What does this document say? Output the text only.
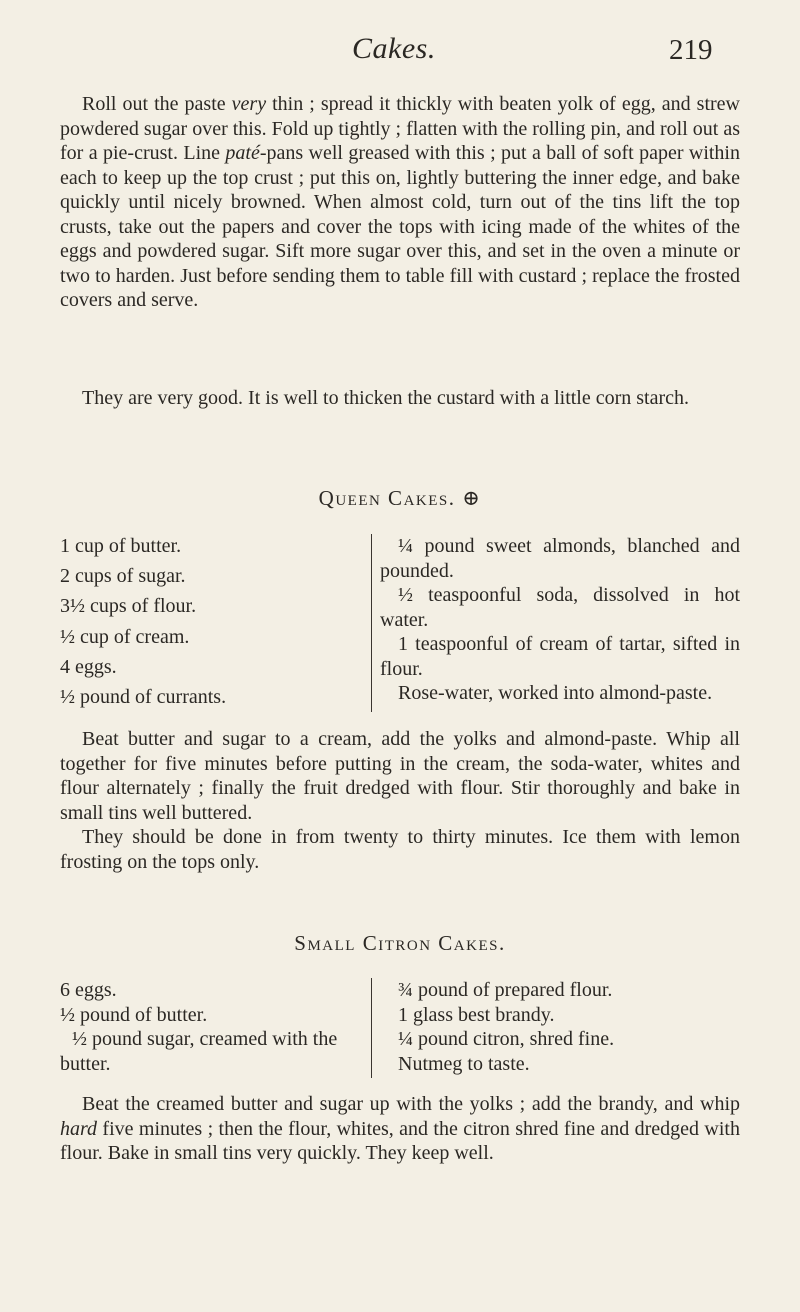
Cakes.	219

Roll out the paste very thin ; spread it thickly with beaten yolk of egg, and strew powdered sugar over this. Fold up tightly ; flatten with the rolling pin, and roll out as for a pie-crust. Line paté-pans well greased with this ; put a ball of soft paper within each to keep up the top crust ; put this on, lightly buttering the inner edge, and bake quickly until nicely browned. When almost cold, turn out of the tins lift the top crusts, take out the papers and cover the tops with icing made of the whites of the eggs and powdered sugar. Sift more sugar over this, and set in the oven a minute or two to harden. Just before sending them to table fill with custard ; replace the frosted covers and serve.

They are very good. It is well to thicken the custard with a little corn starch.

Queen Cakes. ⊕
1 cup of butter.
2 cups of sugar.
3½ cups of flour.
½ cup of cream.
4 eggs.
½ pound of currants.
¼ pound sweet almonds, blanched and pounded.
½ teaspoonful soda, dissolved in hot water.
1 teaspoonful of cream of tartar, sifted in flour.
Rose-water, worked into almond-paste.

Beat butter and sugar to a cream, add the yolks and almond-paste. Whip all together for five minutes before putting in the cream, the soda-water, whites and flour alternately ; finally the fruit dredged with flour. Stir thoroughly and bake in small tins well buttered.

They should be done in from twenty to thirty minutes. Ice them with lemon frosting on the tops only.

Small Citron Cakes.
6 eggs.
½ pound of butter.
½ pound sugar, creamed with the butter.
¾ pound of prepared flour.
1 glass best brandy.
¼ pound citron, shred fine.
Nutmeg to taste.

Beat the creamed butter and sugar up with the yolks ; add the brandy, and whip hard five minutes ; then the flour, whites, and the citron shred fine and dredged with flour. Bake in small tins very quickly. They keep well.
